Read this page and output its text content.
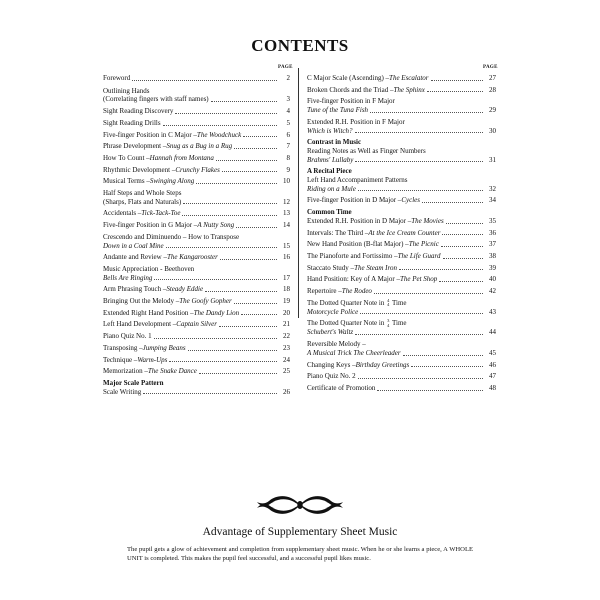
CONTENTS
PAGE	PAGE
Foreword	2
Outlining Hands
(Correlating fingers with staff names)	3
Sight Reading Discovery	4
Sight Reading Drills	5
Five-finger Position in C Major – The Woodchuck	6
Phrase Development – Snug as a Bug in a Rug	7
How To Count – Hannah from Montana	8
Rhythmic Development – Crunchy Flakes	9
Musical Terms – Swinging Along	10
Half Steps and Whole Steps
(Sharps, Flats and Naturals)	12
Accidentals – Tick-Tack-Toe	13
Five-finger Position in G Major – A Nutty Song	14
Crescendo and Diminuendo – How to Transpose
Down in a Coal Mine	15
Andante and Review – The Kangarooster	16
Music Appreciation - Beethoven
Bells Are Ringing	17
Arm Phrasing Touch – Steady Eddie	18
Bringing Out the Melody – The Goofy Gopher	19
Extended Right Hand Position – The Dandy Lion	20
Left Hand Development – Captain Silver	21
Piano Quiz No. 1	22
Transposing – Jumping Beans	23
Technique – Warm-Ups	24
Memorization – The Snake Dance	25
Major Scale Pattern
Scale Writing	26
C Major Scale (Ascending) – The Escalator	27
Broken Chords and the Triad – The Sphinx	28
Five-finger Position in F Major
Tune of the Tuna Fish	29
Extended R.H. Position in F Major
Which is Witch?	30
Contrast in Music
Reading Notes as Well as Finger Numbers
Brahms' Lullaby	31
A Recital Piece
Left Hand Accompaniment Patterns
Riding on a Mule	32
Five-finger Position in D Major – Cycles	34
Common Time
Extended R.H. Position in D Major – The Movies	35
Intervals: The Third – At the Ice Cream Counter	36
New Hand Position (B-flat Major) – The Picnic	37
The Pianoforte and Fortissimo – The Life Guard	38
Staccato Study – The Steam Iron	39
Hand Position: Key of A Major – The Pet Shop	40
Repertoire – The Rodeo	42
The Dotted Quarter Note in 4
4 Time
Motorcycle Police	43
The Dotted Quarter Note in 3
4 Time
Schubert's Waltz	44
Reversible Melody –
A Musical Trick The Cheerleader	45
Changing Keys – Birthday Greetings	46
Piano Quiz No. 2	47
Certificate of Promotion	48
Advantage of Supplementary Sheet Music
The pupil gets a glow of achievement and completion from supplementary sheet music. When he or she learns a piece, A WHOLE UNIT is completed. This makes the pupil feel successful, and a successful pupil likes music.
